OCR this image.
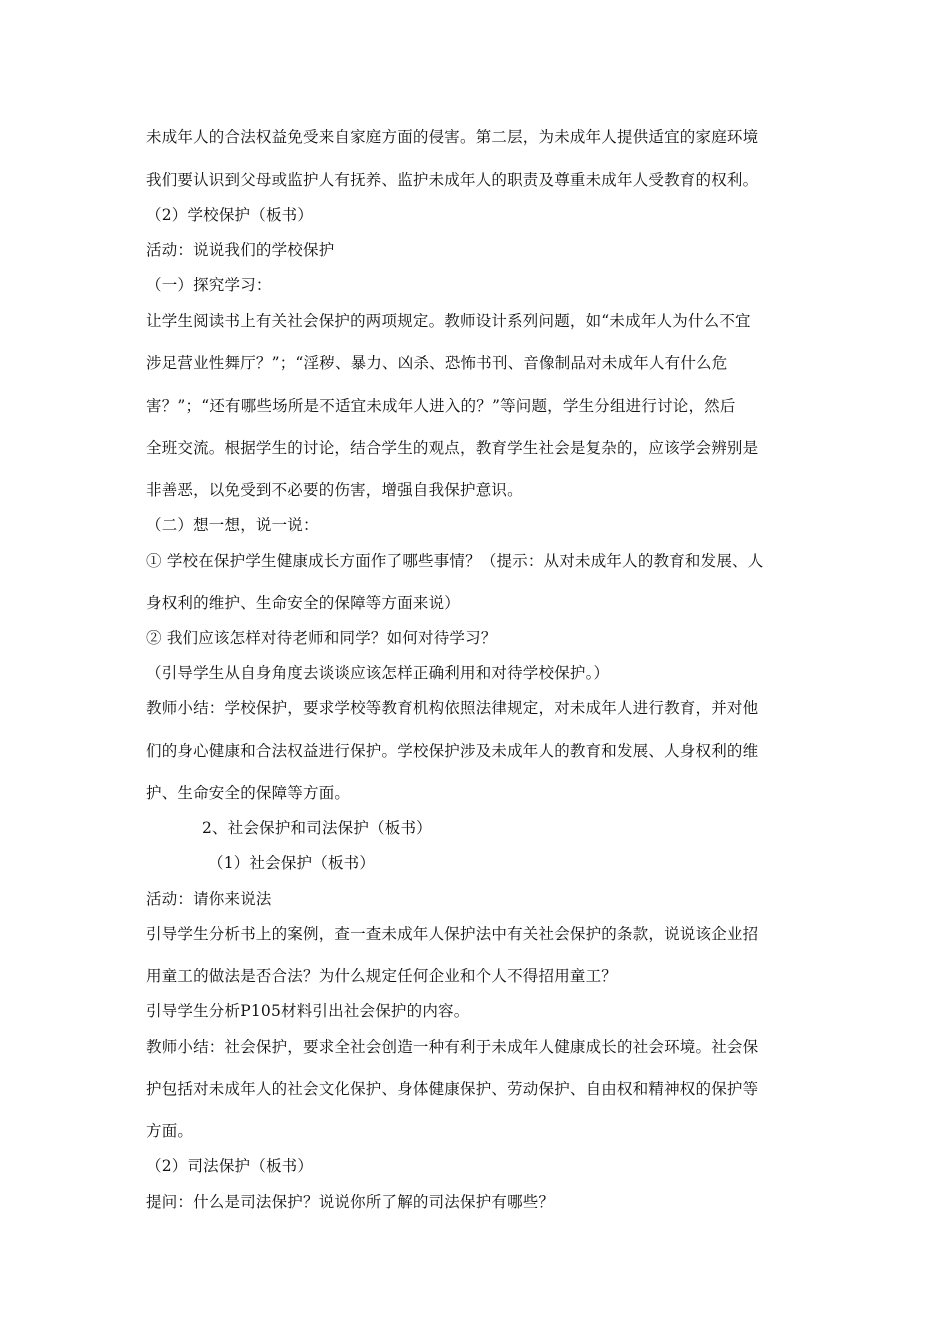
未成年人的合法权益免受来自家庭方面的侵害。第二层，为未成年人提供适宜的家庭环境
我们要认识到父母或监护人有抚养、监护未成年人的职责及尊重未成年人受教育的权利。
（2）学校保护（板书）
活动：说说我们的学校保护
（一）探究学习：
让学生阅读书上有关社会保护的两项规定。教师设计系列问题，如“未成年人为什么不宜
涉足营业性舞厅？”；“淫秽、暴力、凶杀、恐怖书刊、音像制品对未成年人有什么危
害？”；“还有哪些场所是不适宜未成年人进入的？”等问题，学生分组进行讨论，然后
全班交流。根据学生的讨论，结合学生的观点，教育学生社会是复杂的，应该学会辨别是
非善恶，以免受到不必要的伤害，增强自我保护意识。
（二）想一想，说一说：
① 学校在保护学生健康成长方面作了哪些事情？（提示：从对未成年人的教育和发展、人
身权利的维护、生命安全的保障等方面来说）
② 我们应该怎样对待老师和同学？如何对待学习？
（引导学生从自身角度去谈谈应该怎样正确利用和对待学校保护。）
教师小结：学校保护，要求学校等教育机构依照法律规定，对未成年人进行教育，并对他
们的身心健康和合法权益进行保护。学校保护涉及未成年人的教育和发展、人身权利的维
护、生命安全的保障等方面。
2、社会保护和司法保护（板书）
（1）社会保护（板书）
活动：请你来说法
引导学生分析书上的案例，查一查未成年人保护法中有关社会保护的条款，说说该企业招
用童工的做法是否合法？为什么规定任何企业和个人不得招用童工？
引导学生分析P105材料引出社会保护的内容。
教师小结：社会保护，要求全社会创造一种有利于未成年人健康成长的社会环境。社会保
护包括对未成年人的社会文化保护、身体健康保护、劳动保护、自由权和精神权的保护等
方面。
（2）司法保护（板书）
提问：什么是司法保护？说说你所了解的司法保护有哪些？
